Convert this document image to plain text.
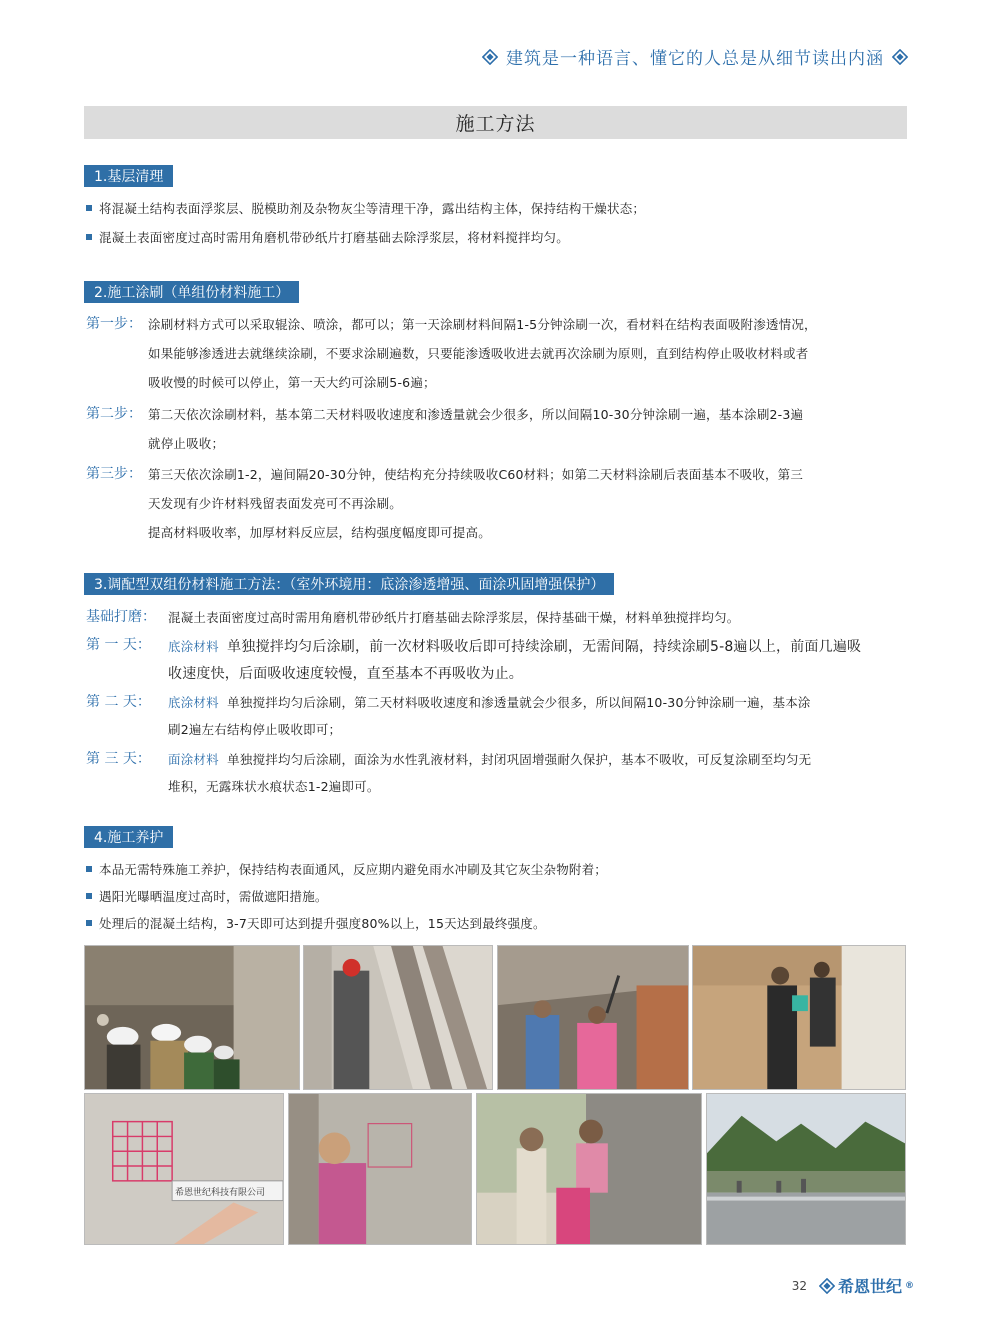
建筑是一种语言、懂它的人总是从细节读出内涵
施工方法
1.基层清理
将混凝土结构表面浮浆层、脱模助剂及杂物灰尘等清理干净，露出结构主体，保持结构干燥状态；
混凝土表面密度过高时需用角磨机带砂纸片打磨基础去除浮浆层，将材料搅拌均匀。
2.施工涂刷（单组份材料施工）
第一步： 涂刷材料方式可以采取辊涂、喷涂，都可以；第一天涂刷材料间隔1-5分钟涂刷一次，看材料在结构表面吸附渗透情况，
如果能够渗透进去就继续涂刷，不要求涂刷遍数，只要能渗透吸收进去就再次涂刷为原则，直到结构停止吸收材料或者
吸收慢的时候可以停止，第一天大约可涂刷5-6遍；
第二步： 第二天依次涂刷材料，基本第二天材料吸收速度和渗透量就会少很多，所以间隔10-30分钟涂刷一遍，基本涂刷2-3遍
就停止吸收；
第三步： 第三天依次涂刷1-2，遍间隔20-30分钟，使结构充分持续吸收C60材料；如第二天材料涂刷后表面基本不吸收，第三
天发现有少许材料残留表面发亮可不再涂刷。
提高材料吸收率，加厚材料反应层，结构强度幅度即可提高。
3.调配型双组份材料施工方法：（室外环境用：底涂渗透增强、面涂巩固增强保护）
基础打磨： 混凝土表面密度过高时需用角磨机带砂纸片打磨基础去除浮浆层，保持基础干燥，材料单独搅拌均匀。
第 一 天： 底涂材料 单独搅拌均匀后涂刷，前一次材料吸收后即可持续涂刷，无需间隔，持续涂刷5-8遍以上，前面几遍吸
收速度快，后面吸收速度较慢，直至基本不再吸收为止。
第 二 天： 底涂材料 单独搅拌均匀后涂刷，第二天材料吸收速度和渗透量就会少很多，所以间隔10-30分钟涂刷一遍，基本涂
刷2遍左右结构停止吸收即可；
第 三 天： 面涂材料 单独搅拌均匀后涂刷，面涂为水性乳液材料，封闭巩固增强耐久保护，基本不吸收，可反复涂刷至均匀无
堆积，无露珠状水痕状态1-2遍即可。
4.施工养护
本品无需特殊施工养护，保持结构表面通风，反应期内避免雨水冲刷及其它灰尘杂物附着；
遇阳光曝晒温度过高时，需做遮阳措施。
处理后的混凝土结构，3-7天即可达到提升强度80%以上，15天达到最终强度。
希恩世纪科技有限公司
32 希恩世纪 ®
